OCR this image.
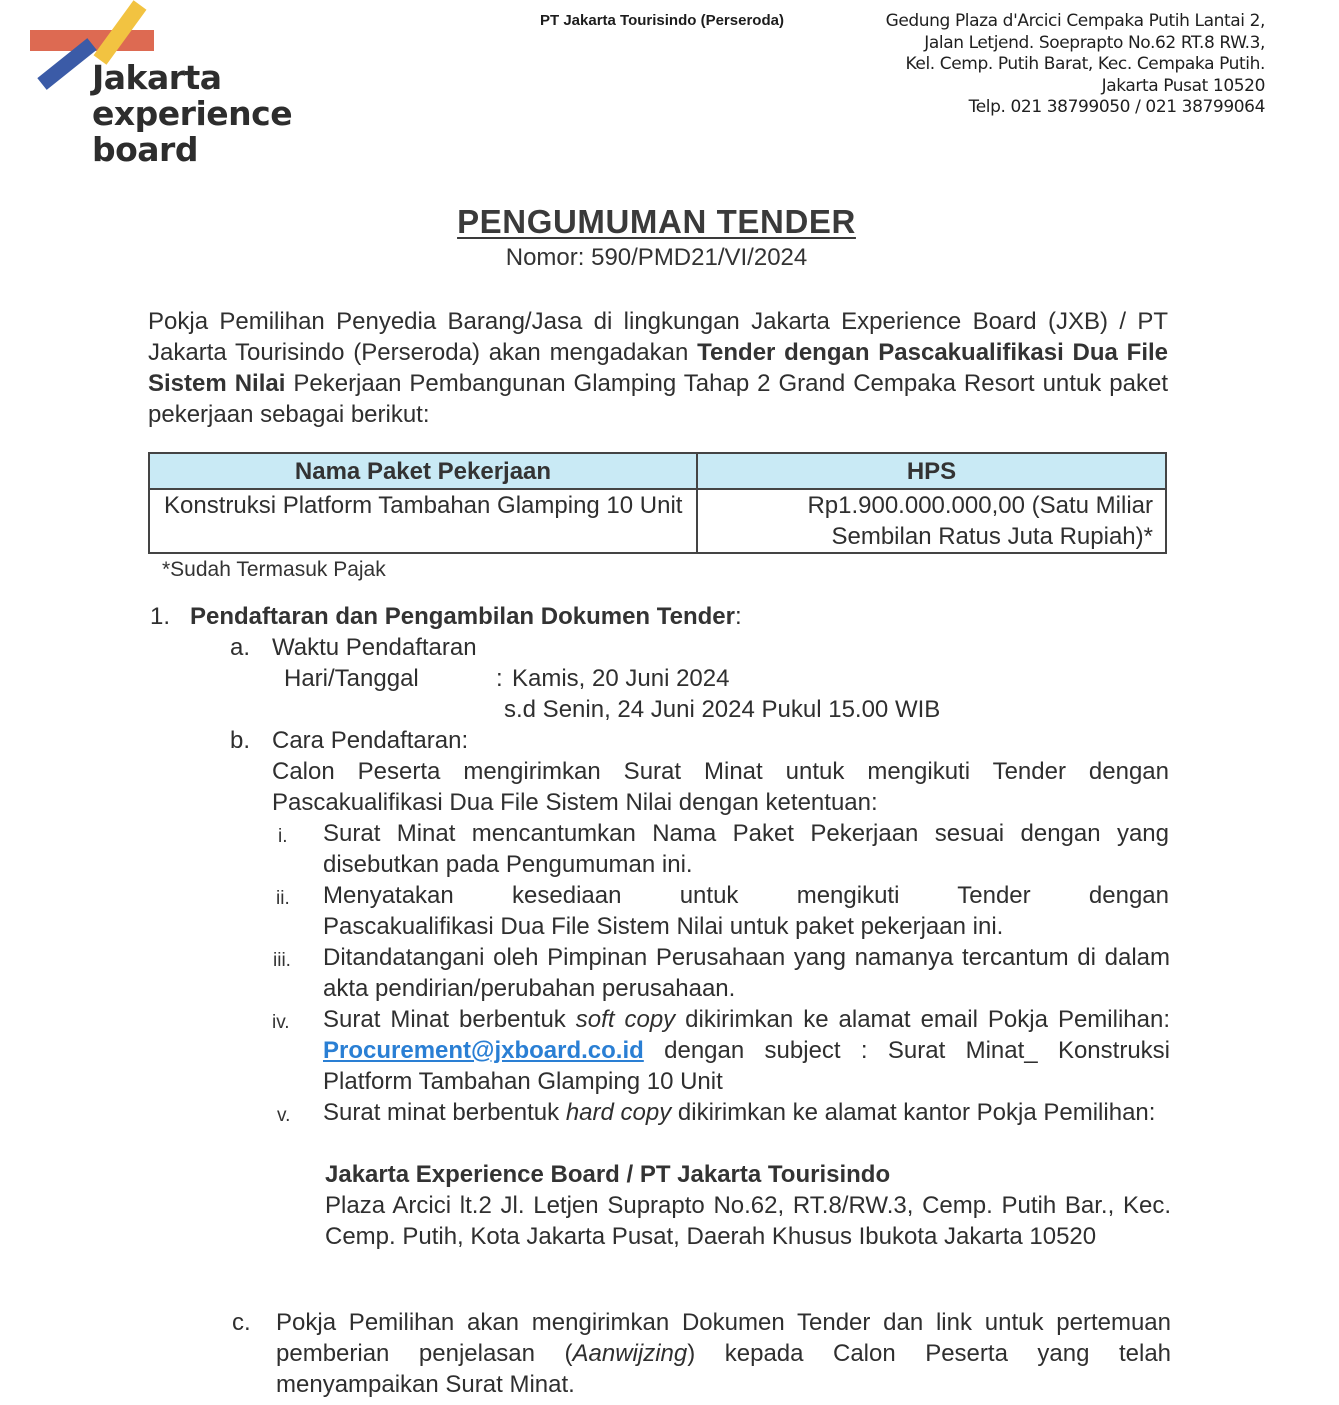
Jakarta
experience
board
PT Jakarta Tourisindo (Perseroda)	Gedung Plaza d'Arcici Cempaka Putih Lantai 2,
Jalan Letjend. Soeprapto No.62 RT.8 RW.3,
Kel. Cemp. Putih Barat, Kec. Cempaka Putih.
Jakarta Pusat 10520
Telp. 021 38799050 / 021 38799064
PENGUMUMAN TENDER
Nomor: 590/PMD21/VI/2024
Pokja Pemilihan Penyedia Barang/Jasa di lingkungan Jakarta Experience Board (JXB) / PT Jakarta Tourisindo (Perseroda) akan mengadakan Tender dengan Pascakualifikasi Dua File Sistem Nilai Pekerjaan Pembangunan Glamping Tahap 2 Grand Cempaka Resort untuk paket pekerjaan sebagai berikut:
Nama Paket Pekerjaan	HPS
Konstruksi Platform Tambahan Glamping 10 Unit	Rp1.900.000.000,00 (Satu Miliar
Sembilan Ratus Juta Rupiah)*
*Sudah Termasuk Pajak
1. Pendaftaran dan Pengambilan Dokumen Tender:
a. Waktu Pendaftaran
Hari/Tanggal	: Kamis, 20 Juni 2024
s.d Senin, 24 Juni 2024 Pukul 15.00 WIB
b. Cara Pendaftaran:
Calon Peserta mengirimkan Surat Minat untuk mengikuti Tender dengan Pascakualifikasi Dua File Sistem Nilai dengan ketentuan:
i. Surat Minat mencantumkan Nama Paket Pekerjaan sesuai dengan yang disebutkan pada Pengumuman ini.
ii. Menyatakan kesediaan untuk mengikuti Tender dengan
Pascakualifikasi Dua File Sistem Nilai untuk paket pekerjaan ini.
iii. Ditandatangani oleh Pimpinan Perusahaan yang namanya tercantum di dalam akta pendirian/perubahan perusahaan.
iv. Surat Minat berbentuk soft copy dikirimkan ke alamat email Pokja Pemilihan: Procurement@jxboard.co.id dengan subject : Surat Minat_ Konstruksi Platform Tambahan Glamping 10 Unit
v. Surat minat berbentuk hard copy dikirimkan ke alamat kantor Pokja Pemilihan:
Jakarta Experience Board / PT Jakarta Tourisindo
Plaza Arcici lt.2 Jl. Letjen Suprapto No.62, RT.8/RW.3, Cemp. Putih Bar., Kec. Cemp. Putih, Kota Jakarta Pusat, Daerah Khusus Ibukota Jakarta 10520
c. Pokja Pemilihan akan mengirimkan Dokumen Tender dan link untuk pertemuan pemberian penjelasan (Aanwijzing) kepada Calon Peserta yang telah menyampaikan Surat Minat.
